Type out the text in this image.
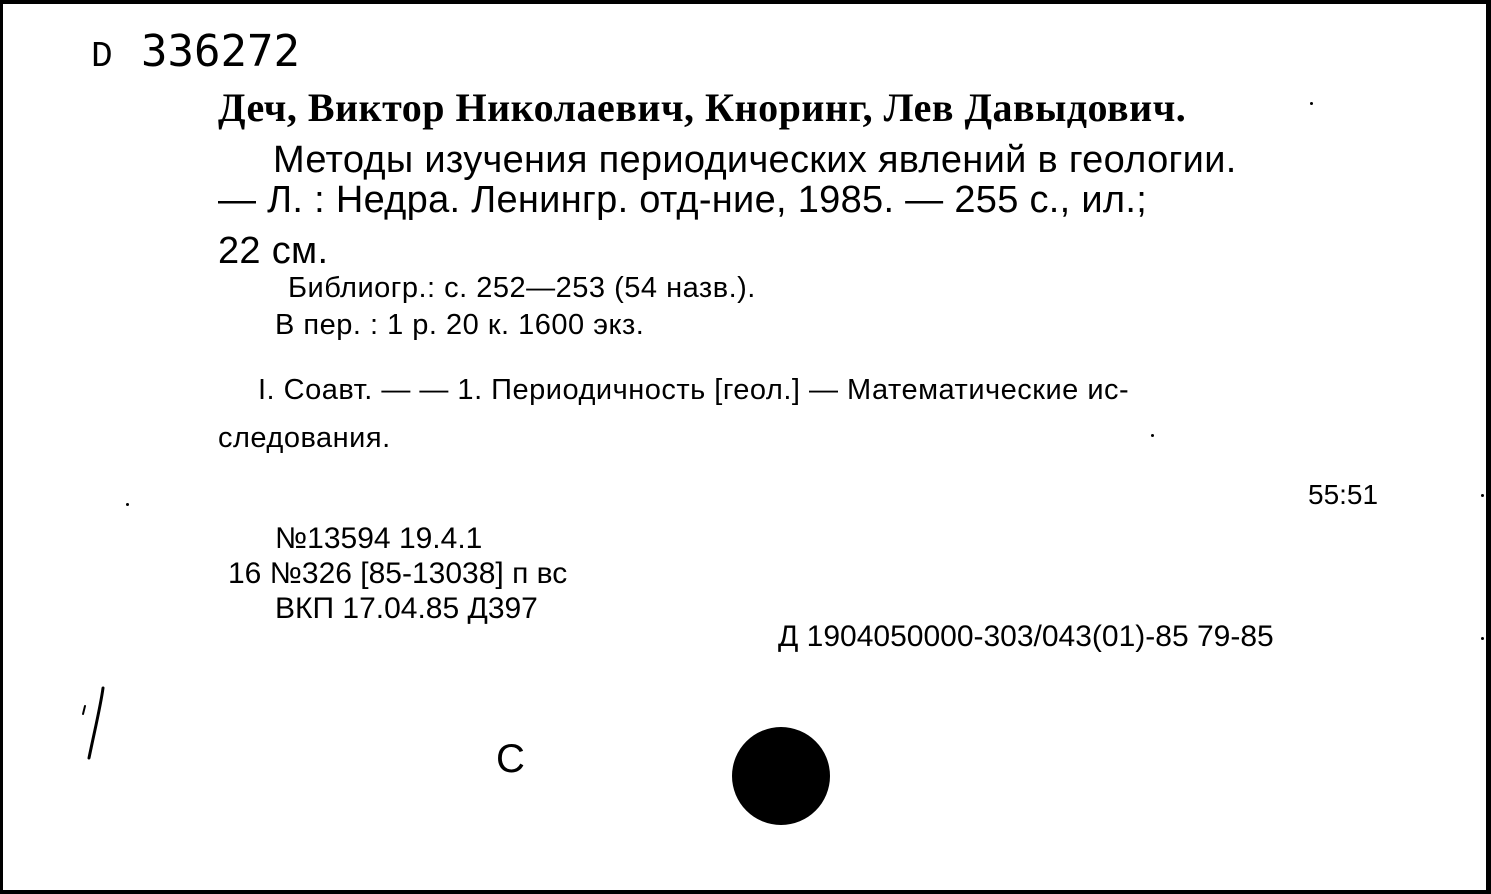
D 336272
Деч, Виктор Николаевич, Кноринг, Лев Давыдович.
Методы изучения периодических явлений в геологии.
— Л. : Недра. Ленингр. отд-ние, 1985. — 255 с., ил.;
22 см.
Библиогр.: с. 252—253 (54 назв.).
В пер. : 1 р. 20 к. 1600 экз.
I. Соавт. — — 1. Периодичность [геол.] — Математические ис-
следования.
55:51
№13594 19.4.1
16 №326 [85-13038] п вс
ВКП 17.04.85 Д397
Д 1904050000-303/043(01)-85 79-85
С
